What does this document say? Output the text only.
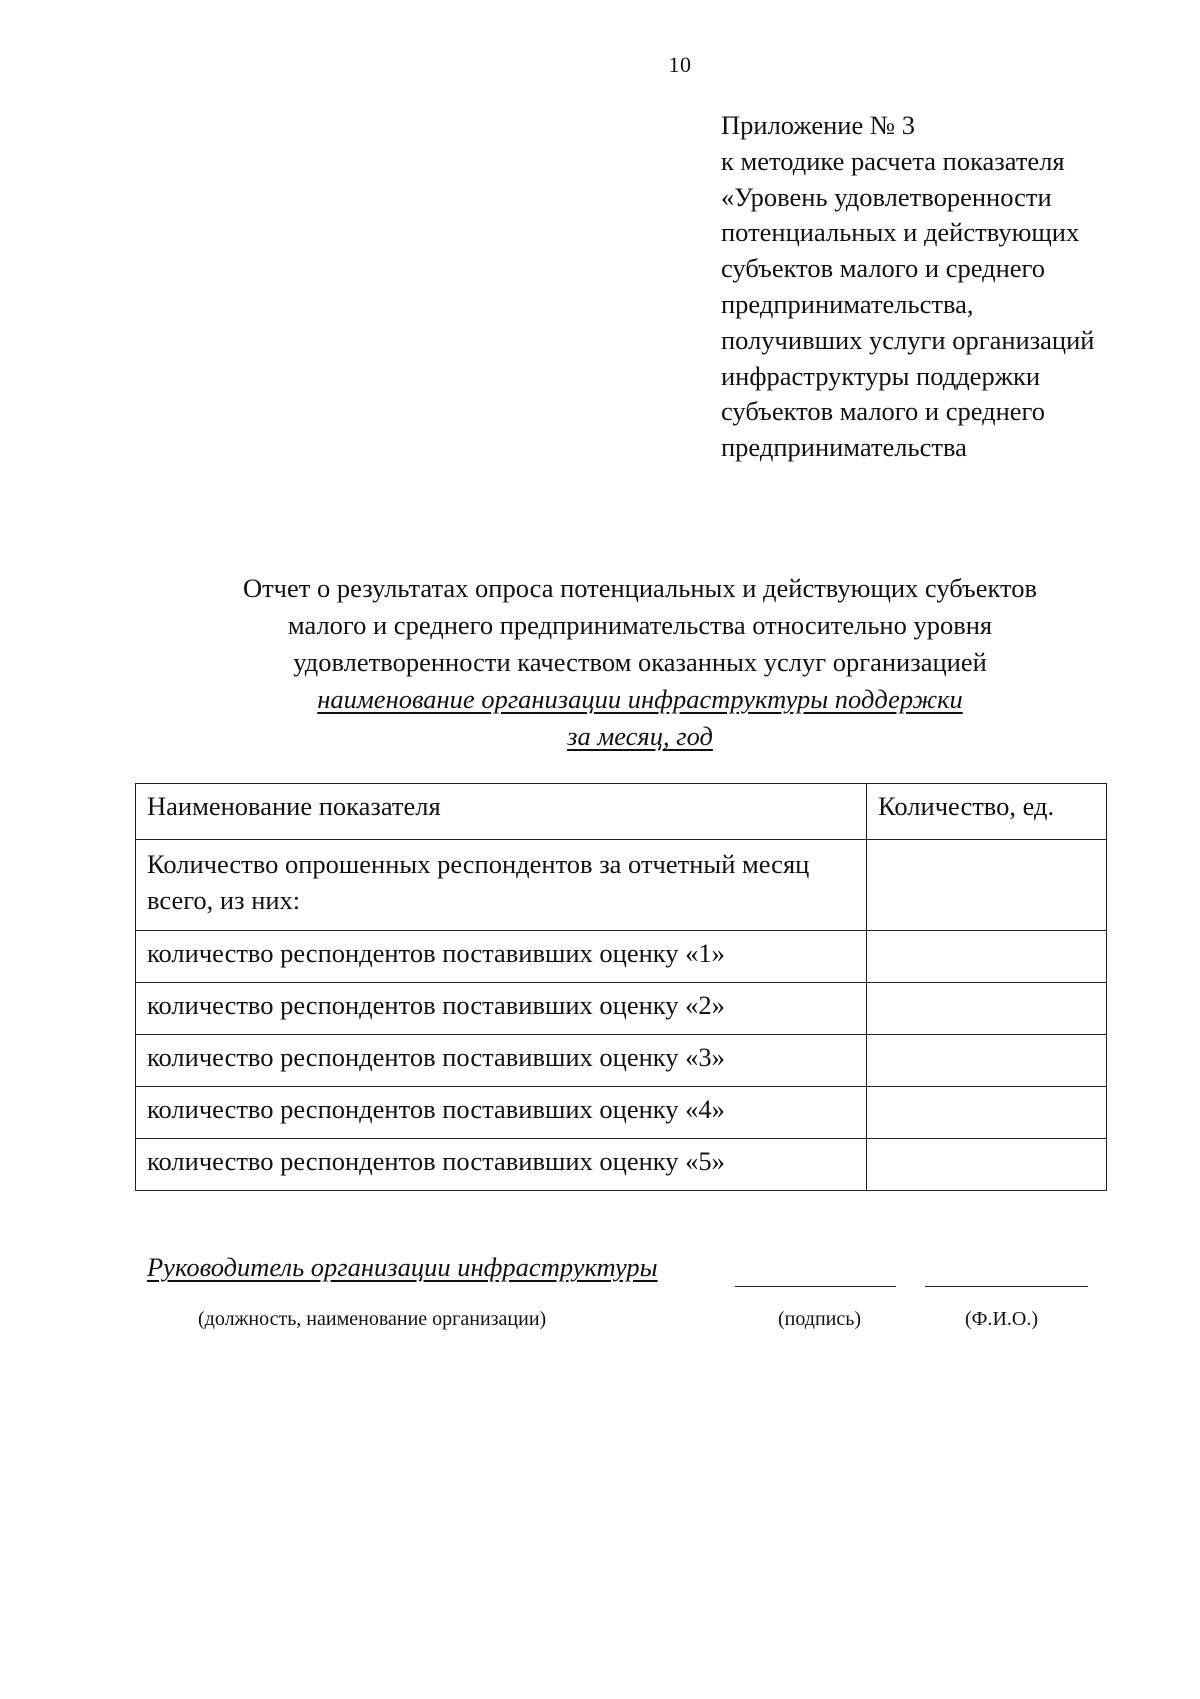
10
Приложение № 3
к методике расчета показателя
«Уровень удовлетворенности
потенциальных и действующих
субъектов малого и среднего
предпринимательства,
получивших услуги организаций
инфраструктуры поддержки
субъектов малого и среднего
предпринимательства
Отчет о результатах опроса потенциальных и действующих субъектов
малого и среднего предпринимательства относительно уровня
удовлетворенности качеством оказанных услуг организацией
наименование организации инфраструктуры поддержки
за месяц, год
Наименование показателя	Количество, ед.
Количество опрошенных респондентов за отчетный месяц всего, из них:	
количество респондентов поставивших оценку «1»	
количество респондентов поставивших оценку «2»	
количество респондентов поставивших оценку «3»	
количество респондентов поставивших оценку «4»	
количество респондентов поставивших оценку «5»	
Руководитель организации инфраструктуры
(должность, наименование организации)	(подпись)	(Ф.И.О.)
